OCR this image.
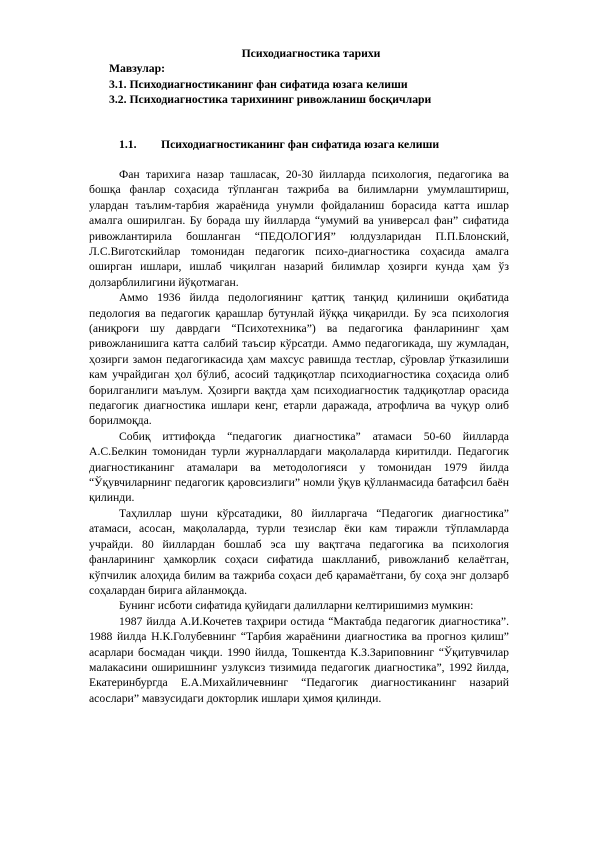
Психодиагностика тарихи
Мавзулар:
3.1. Психодиагностиканинг фан сифатида юзага келиши
3.2. Психодиагностика тарихининг ривожланиш босқичлари
1.1.	Психодиагностиканинг фан сифатида юзага келиши

Фан тарихига назар ташласак, 20-30 йилларда психология, педагогика ва бошқа фанлар соҳасида тўпланган тажриба ва билимларни умумлаштириш, улардан таълим-тарбия жараёнида унумли фойдаланиш борасида катта ишлар амалга оширилган. Бу борада шу йилларда “умумий ва универсал фан” сифатида ривожлантирила бошланган “ПЕДОЛОГИЯ” юлдузларидан П.П.Блонский, Л.С.Виготскийлар томонидан педагогик психо-диагностика соҳасида амалга оширган ишлари, ишлаб чиқилган назарий билимлар ҳозирги кунда ҳам ўз долзарблилигини йўқотмаган.

Аммо 1936 йилда педологиянинг қаттиқ танқид қилиниши оқибатида педология ва педагогик қарашлар бутунлай йўққа чиқарилди. Бу эса психология (аниқроғи шу даврдаги “Психотехника”) ва педагогика фанларининг ҳам ривожланишига катта салбий таъсир кўрсатди. Аммо педагогикада, шу жумладан, ҳозирги замон педагогикасида ҳам махсус равишда тестлар, сўровлар ўтказилиши кам учрайдиган ҳол бўлиб, асосий тадқиқотлар психодиагностика соҳасида олиб борилганлиги маълум. Ҳозирги вақтда ҳам психодиагностик тадқиқотлар орасида педагогик диагностика ишлари кенг, етарли даражада, атрофлича ва чуқур олиб борилмоқда.

Собиқ иттифоқда “педагогик диагностика” атамаси 50-60 йилларда А.С.Белкин томонидан турли журналлардаги мақолаларда киритилди. Педагогик диагностиканинг атамалари ва методологияси у томонидан 1979 йилда “Ўқувчиларнинг педагогик қаровсизлиги” номли ўқув қўлланмасида батафсил баён қилинди.

Таҳлиллар шуни кўрсатадики, 80 йилларгача “Педагогик диагностика” атамаси, асосан, мақолаларда, турли тезислар ёки кам тиражли тўпламларда учрайди. 80 йиллардан бошлаб эса шу вақтгача педагогика ва психология фанларининг ҳамкорлик соҳаси сифатида шаклланиб, ривожланиб келаётган, кўпчилик алоҳида билим ва тажриба соҳаси деб қарамаётгани, бу соҳа энг долзарб соҳалардан бирига айланмоқда.

Бунинг исботи сифатида қуйидаги далилларни келтиришимиз мумкин:

1987 йилда А.И.Кочетев таҳрири остида “Мактабда педагогик диагностика”. 1988 йилда Н.К.Голубевнинг “Тарбия жараёнини диагностика ва прогноз қилиш” асарлари босмадан чиқди. 1990 йилда, Тошкентда К.З.Зариповнинг “Ўқитувчилар малакасини оширишнинг узлуксиз тизимида педагогик диагностика”, 1992 йилда, Екатеринбургда Е.А.Михайличевнинг “Педагогик диагностиканинг назарий асослари” мавзусидаги докторлик ишлари ҳимоя қилинди.
